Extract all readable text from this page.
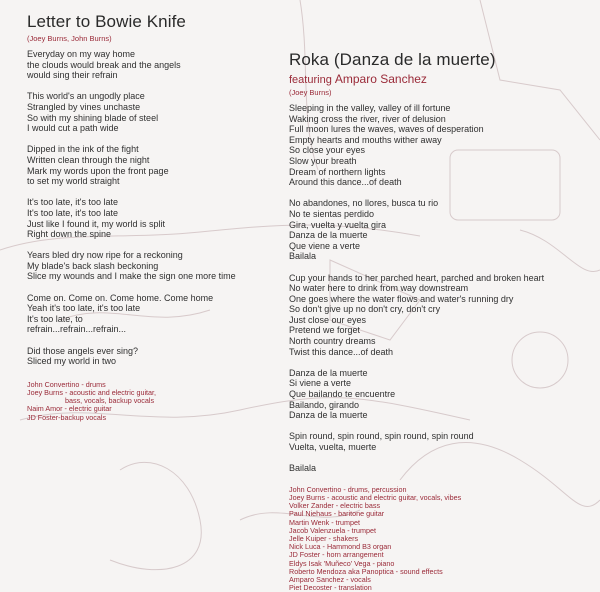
Letter to Bowie Knife

(Joey Burns, John Burns)

Everyday on my way home
the clouds would break and the angels
would sing their refrain
This world's an ungodly place
Strangled by vines unchaste
So with my shining blade of steel
I would cut a path wide
Dipped in the ink of the fight
Written clean through the night
Mark my words upon the front page
to set my world straight
It's too late, it's too late
It's too late, it's too late
Just like I found it, my world is split
Right down the spine
Years bled dry now ripe for a reckoning
My blade's back slash beckoning
Slice my wounds and I make the sign one more time
Come on. Come on. Come home. Come home
Yeah it's too late, it's too late
It's too late, to
refrain...refrain...refrain...
Did those angels ever sing?
Sliced my world in two
John Convertino - drums
Joey Burns - acoustic and electric guitar,
bass, vocals, backup vocals
Naim Amor - electric guitar
JD Foster-backup vocals
Roka (Danza de la muerte)

featuring Amparo Sanchez

(Joey Burns)

Sleeping in the valley, valley of ill fortune
Waking cross the river, river of delusion
Full moon lures the waves, waves of desperation
Empty hearts and mouths wither away
So close your eyes
Slow your breath
Dream of northern lights
Around this dance...of death
No abandones, no llores, busca tu rio
No te sientas perdido
Gira, vuelta y vuelta gira
Danza de la muerte
Que viene a verte
Bailala
Cup your hands to her parched heart, parched and broken heart
No water here to drink from way downstream
One goes where the water flows and water's running dry
So don't give up no don't cry, don't cry
Just close our eyes
Pretend we forget
North country dreams
Twist this dance...of death
Danza de la muerte
Si viene a verte
Que bailando te encuentre
Bailando, girando
Danza de la muerte
Spin round, spin round, spin round, spin round
Vuelta, vuelta, muerte
Bailala
John Convertino - drums, percussion
Joey Burns - acoustic and electric guitar, vocals, vibes
Volker Zander - electric bass
Paul Niehaus - baritone guitar
Martin Wenk - trumpet
Jacob Valenzuela - trumpet
Jelle Kuiper - shakers
Nick Luca - Hammond B3 organ
JD Foster - horn arrangement
Eldys Isak 'Muñeco' Vega - piano
Roberto Mendoza aka Panoptica - sound effects
Amparo Sanchez - vocals
Piet Decoster - translation
